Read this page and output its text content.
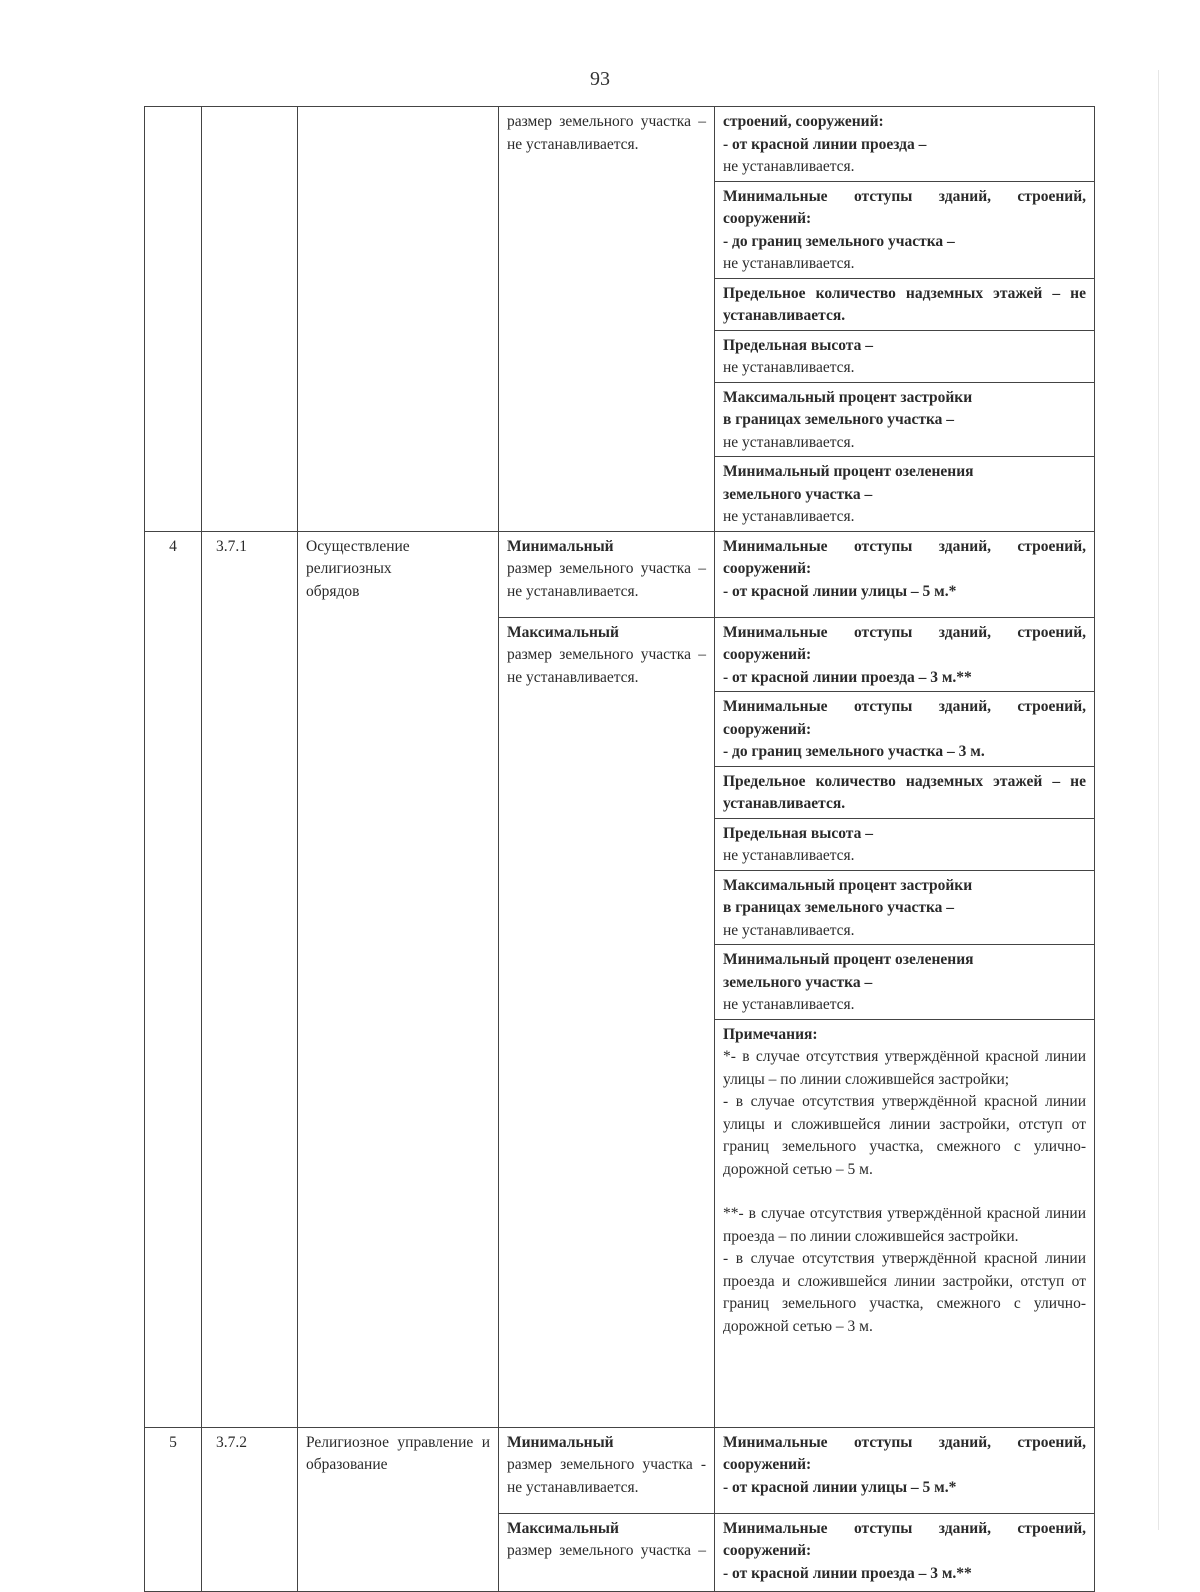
93

			размер земельного участка –
не устанавливается.	строений, сооружений:
- от красной линии проезда –
не устанавливается.

				Минимальные отступы зданий, строений, сооружений:
- до границ земельного участка –
не устанавливается.

				Предельное количество надземных этажей – не устанавливается.

				Предельная высота –
не устанавливается.

				Максимальный процент застройки
в границах земельного участка –
не устанавливается.

				Минимальный процент озеленения
земельного участка –
не устанавливается.

4	3.7.1	Осуществление религиозных обрядов	Минимальный
размер земельного участка –
не устанавливается.	Минимальные отступы зданий, строений, сооружений:
- от красной линии улицы – 5 м.*

			Максимальный
размер земельного участка –
не устанавливается.	Минимальные отступы зданий, строений, сооружений:
- от красной линии проезда – 3 м.**

				Минимальные отступы зданий, строений, сооружений:
- до границ земельного участка – 3 м.

				Предельное количество надземных этажей – не устанавливается.

				Предельная высота –
не устанавливается.

				Максимальный процент застройки
в границах земельного участка –
не устанавливается.

				Минимальный процент озеленения
земельного участка –
не устанавливается.

				Примечания:
*- в случае отсутствия утверждённой красной линии улицы – по линии сложившейся застройки;
- в случае отсутствия утверждённой красной линии улицы и сложившейся линии застройки, отступ от границ земельного участка, смежного с улично-дорожной сетью – 5 м.
**- в случае отсутствия утверждённой красной линии проезда – по линии сложившейся застройки.
- в случае отсутствия утверждённой красной линии проезда и сложившейся линии застройки, отступ от границ земельного участка, смежного с улично-дорожной сетью – 3 м.

5	3.7.2	Религиозное управление и образование	Минимальный
размер земельного участка -
не устанавливается.	Минимальные отступы зданий, строений, сооружений:
- от красной линии улицы – 5 м.*

			Максимальный
размер земельного участка –	Минимальные отступы зданий, строений, сооружений:
- от красной линии проезда – 3 м.**
